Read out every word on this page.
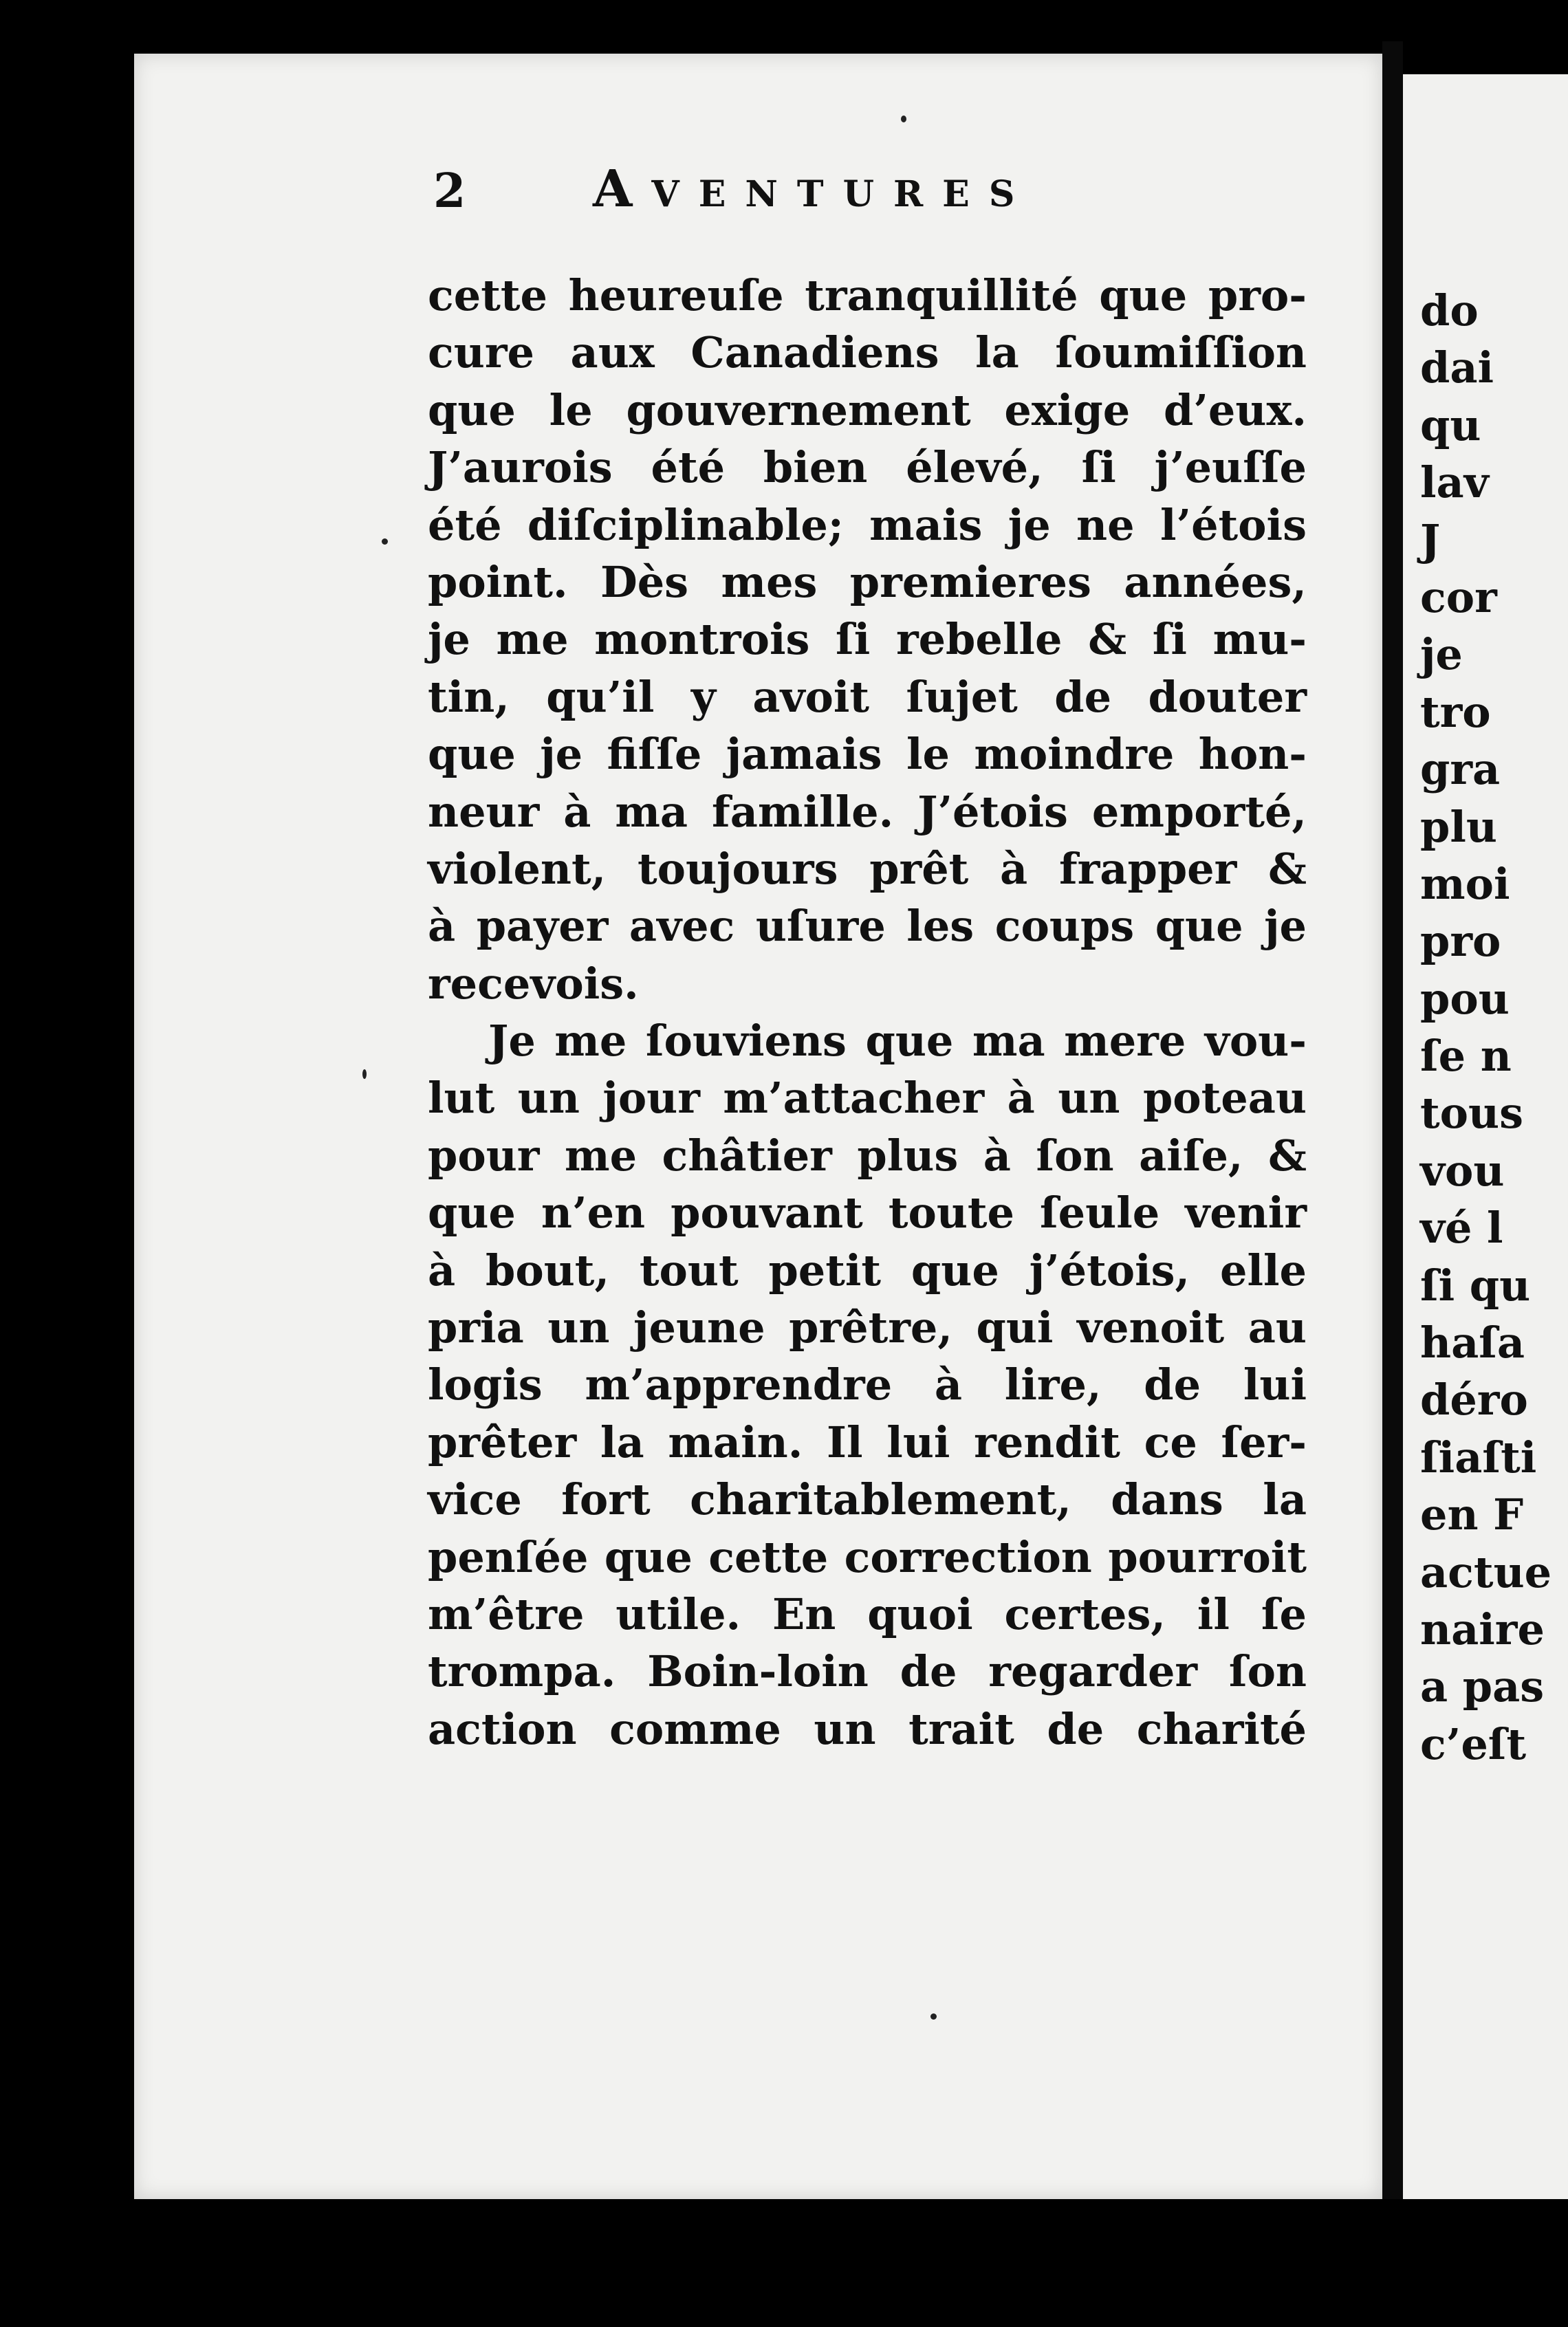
2 Aventures
cette heureuſe tranquillité que pro-
cure aux Canadiens la ſoumiſſion
que le gouvernement exige d’eux.
J’aurois été bien élevé, ſi j’euſſe
été diſciplinable; mais je ne l’étois
point. Dès mes premieres années,
je me montrois ſi rebelle & ſi mu-
tin, qu’il y avoit ſujet de douter
que je fiſſe jamais le moindre hon-
neur à ma famille. J’étois emporté,
violent, toujours prêt à frapper &
à payer avec uſure les coups que je
recevois.
Je me ſouviens que ma mere vou-
lut un jour m’attacher à un poteau
pour me châtier plus à ſon aiſe, &
que n’en pouvant toute ſeule venir
à bout, tout petit que j’étois, elle
pria un jeune prêtre, qui venoit au
logis m’apprendre à lire, de lui
prêter la main. Il lui rendit ce ſer-
vice fort charitablement, dans la
penſée que cette correction pourroit
m’être utile. En quoi certes, il ſe
trompa. Boin-loin de regarder ſon
action comme un trait de charité
do
dai
qu
lav
J
cor
je
tro
gra
plu
moi
pro
pou
ſe n
tous
vou
vé l
ſi qu
haſa
déro
ſiaſti
en F
actue
naire
a pas
c’eſt
